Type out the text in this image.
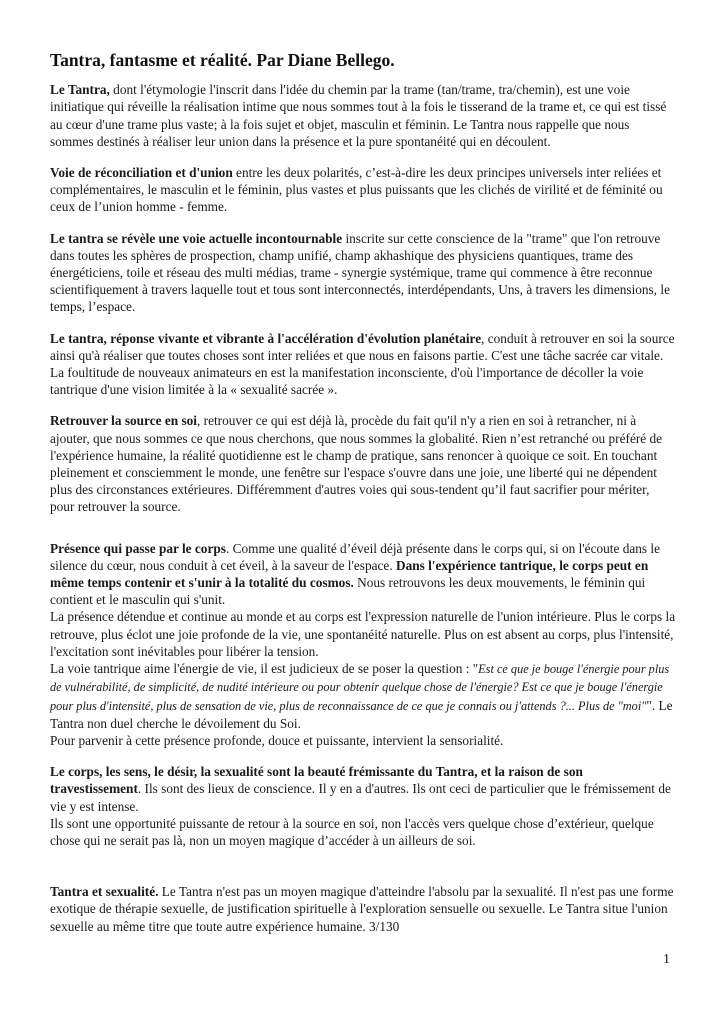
Tantra, fantasme et réalité. Par Diane Bellego.

Le Tantra, dont l'étymologie l'inscrit dans l'idée du chemin par la trame (tan/trame, tra/chemin), est une voie initiatique qui réveille la réalisation intime que nous sommes tout à la fois le tisserand de la trame et, ce qui est tissé au cœur d'une trame plus vaste; à la fois sujet et objet, masculin et féminin. Le Tantra nous rappelle que nous sommes destinés à réaliser leur union dans la présence et la pure spontanéité qui en découlent.

Voie de réconciliation et d'union entre les deux polarités, c’est-à-dire les deux principes universels inter reliées et complémentaires, le masculin et le féminin, plus vastes et plus puissants que les clichés de virilité et de féminité ou ceux de l’union homme - femme.

Le tantra se révèle une voie actuelle incontournable inscrite sur cette conscience de la "trame" que l'on retrouve dans toutes les sphères de prospection, champ unifié, champ akhashique des physiciens quantiques, trame des énergéticiens, toile et réseau des multi médias, trame - synergie systémique, trame qui commence à être reconnue scientifiquement à travers laquelle tout et tous sont interconnectés, interdépendants, Uns, à travers les dimensions, le temps, l’espace.

Le tantra, réponse vivante et vibrante à l'accélération d'évolution planétaire, conduit à retrouver en soi la source ainsi qu'à réaliser que toutes choses sont inter reliées et que nous en faisons partie. C'est une tâche sacrée car vitale. La foultitude de nouveaux animateurs en est la manifestation inconsciente, d'où l'importance de décoller la voie tantrique d'une vision limitée à la « sexualité sacrée ».

Retrouver la source en soi, retrouver ce qui est déjà là, procède du fait qu'il n'y a rien en soi à retrancher, ni à ajouter, que nous sommes ce que nous cherchons, que nous sommes la globalité. Rien n’est retranché ou préféré de l'expérience humaine, la réalité quotidienne est le champ de pratique, sans renoncer à quoique ce soit. En touchant pleinement et consciemment le monde, une fenêtre sur l'espace s'ouvre dans une joie, une liberté qui ne dépendent plus des circonstances extérieures. Différemment d'autres voies qui sous-tendent qu’il faut sacrifier pour mériter, pour retrouver la source.

Présence qui passe par le corps. Comme une qualité d’éveil déjà présente dans le corps qui, si on l'écoute dans le silence du cœur, nous conduit à cet éveil, à la saveur de l'espace. Dans l'expérience tantrique, le corps peut en même temps contenir et s'unir à la totalité du cosmos. Nous retrouvons les deux mouvements, le féminin qui contient et le masculin qui s'unit.

La présence détendue et continue au monde et au corps est l'expression naturelle de l'union intérieure. Plus le corps la retrouve, plus éclot une joie profonde de la vie, une spontanéité naturelle. Plus on est absent au corps, plus l'intensité, l'excitation sont inévitables pour libérer la tension.

La voie tantrique aime l'énergie de vie, il est judicieux de se poser la question : "Est ce que je bouge l'énergie pour plus de vulnérabilité, de simplicité, de nudité intérieure ou pour obtenir quelque chose de l'énergie? Est ce que je bouge l'énergie pour plus d'intensité, plus de sensation de vie, plus de reconnaissance de ce que je connais ou j'attends ?... Plus de "moi"". Le Tantra non duel cherche le dévoilement du Soi.

Pour parvenir à cette présence profonde, douce et puissante, intervient la sensorialité.

Le corps, les sens, le désir, la sexualité sont la beauté frémissante du Tantra, et la raison de son travestissement. Ils sont des lieux de conscience. Il y en a d'autres. Ils ont ceci de particulier que le frémissement de vie y est intense.

Ils sont une opportunité puissante de retour à la source en soi, non l'accès vers quelque chose d’extérieur, quelque chose qui ne serait pas là, non un moyen magique d’accéder à un ailleurs de soi.

Tantra et sexualité. Le Tantra n'est pas un moyen magique d'atteindre l'absolu par la sexualité. Il n'est pas une forme exotique de thérapie sexuelle, de justification spirituelle à l'exploration sensuelle ou sexuelle. Le Tantra situe l'union sexuelle au même titre que toute autre expérience humaine. 3/130

1
